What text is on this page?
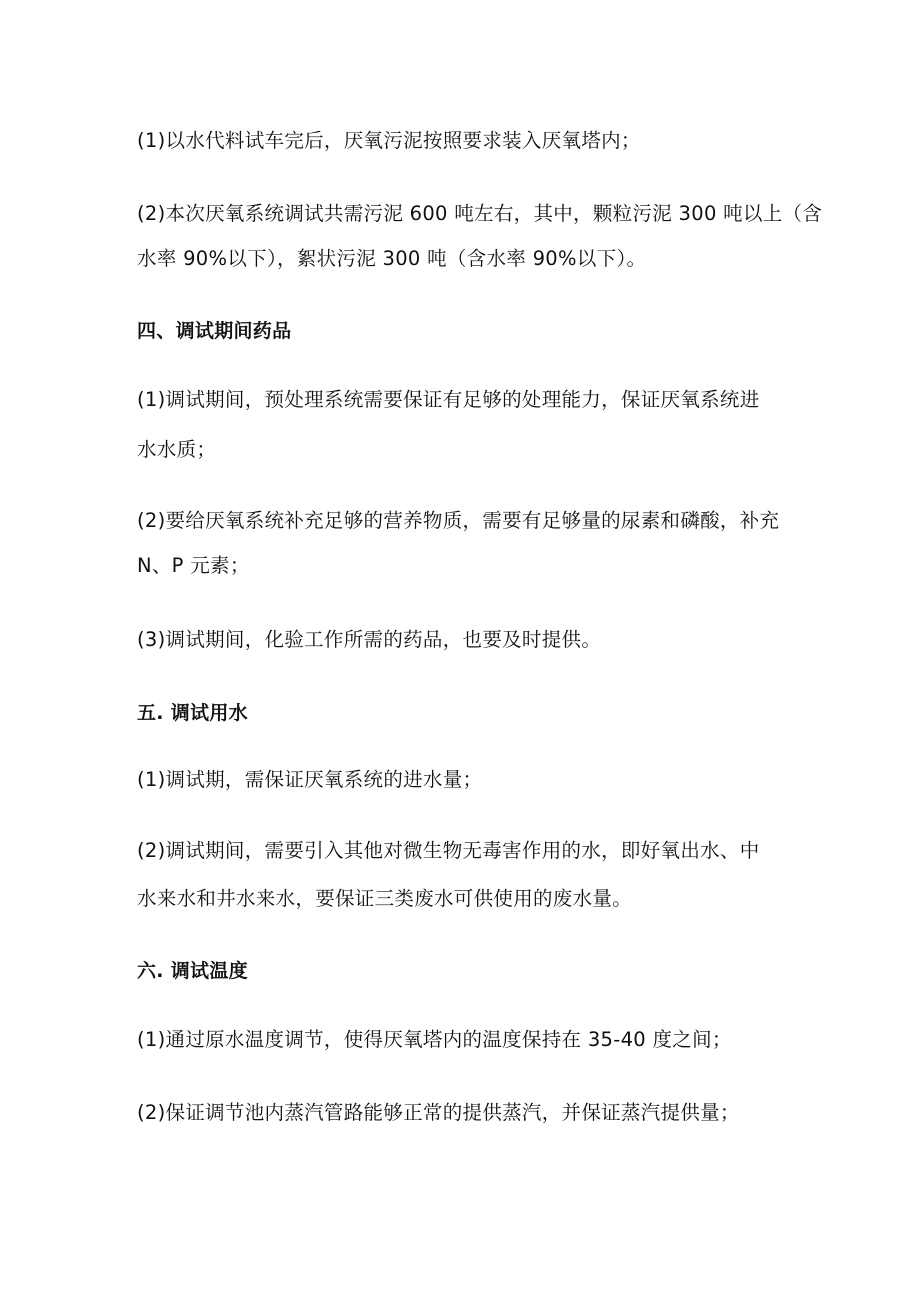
(1)以水代料试车完后，厌氧污泥按照要求装入厌氧塔内；
(2)本次厌氧系统调试共需污泥 600 吨左右，其中，颗粒污泥 300 吨以上（含
水率 90%以下），絮状污泥 300 吨（含水率 90%以下）。
四、调试期间药品
(1)调试期间，预处理系统需要保证有足够的处理能力，保证厌氧系统进
水水质；
(2)要给厌氧系统补充足够的营养物质，需要有足够量的尿素和磷酸，补充
N、P 元素；
(3)调试期间，化验工作所需的药品，也要及时提供。
五. 调试用水
(1)调试期，需保证厌氧系统的进水量；
(2)调试期间，需要引入其他对微生物无毒害作用的水，即好氧出水、中
水来水和井水来水，要保证三类废水可供使用的废水量。
六. 调试温度
(1)通过原水温度调节，使得厌氧塔内的温度保持在 35-40 度之间；
(2)保证调节池内蒸汽管路能够正常的提供蒸汽，并保证蒸汽提供量；
